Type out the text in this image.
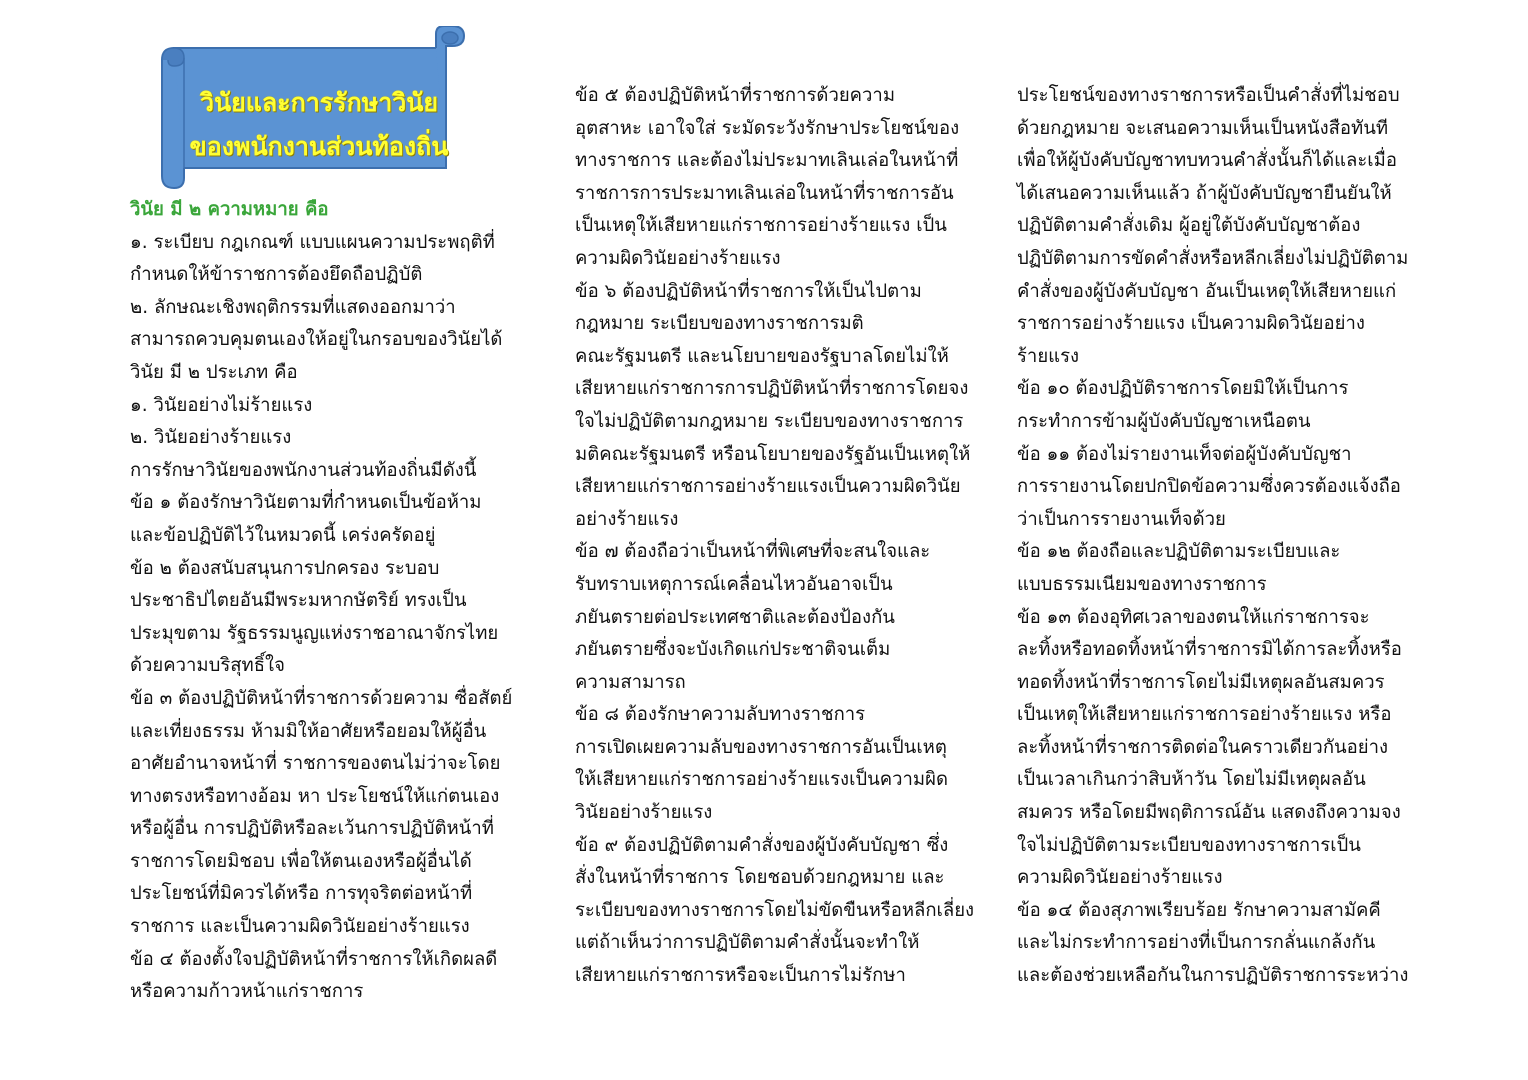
วินัยและการรักษาวินัย
ของพนักงานส่วนท้องถิ่น
วินัย มี ๒ ความหมาย คือ
๑. ระเบียบ กฎเกณฑ์ แบบแผนความประพฤติที่
กำหนดให้ข้าราชการต้องยึดถือปฏิบัติ
๒. ลักษณะเชิงพฤติกรรมที่แสดงออกมาว่า
สามารถควบคุมตนเองให้อยู่ในกรอบของวินัยได้
วินัย มี ๒ ประเภท คือ
๑. วินัยอย่างไม่ร้ายแรง
๒. วินัยอย่างร้ายแรง
การรักษาวินัยของพนักงานส่วนท้องถิ่นมีดังนี้
ข้อ ๑ ต้องรักษาวินัยตามที่กำหนดเป็นข้อห้าม
และข้อปฏิบัติไว้ในหมวดนี้ เคร่งครัดอยู่
ข้อ ๒ ต้องสนับสนุนการปกครอง ระบอบ
ประชาธิปไตยอันมีพระมหากษัตริย์ ทรงเป็น
ประมุขตาม รัฐธรรมนูญแห่งราชอาณาจักรไทย
ด้วยความบริสุทธิ์ใจ
ข้อ ๓ ต้องปฏิบัติหน้าที่ราชการด้วยความ ซื่อสัตย์
และเที่ยงธรรม ห้ามมิให้อาศัยหรือยอมให้ผู้อื่น
อาศัยอำนาจหน้าที่ ราชการของตนไม่ว่าจะโดย
ทางตรงหรือทางอ้อม หา ประโยชน์ให้แก่ตนเอง
หรือผู้อื่น การปฏิบัติหรือละเว้นการปฏิบัติหน้าที่
ราชการโดยมิชอบ เพื่อให้ตนเองหรือผู้อื่นได้
ประโยชน์ที่มิควรได้หรือ การทุจริตต่อหน้าที่
ราชการ และเป็นความผิดวินัยอย่างร้ายแรง
ข้อ ๔ ต้องตั้งใจปฏิบัติหน้าที่ราชการให้เกิดผลดี
หรือความก้าวหน้าแก่ราชการ
ข้อ ๕ ต้องปฏิบัติหน้าที่ราชการด้วยความ
อุตสาหะ เอาใจใส่ ระมัดระวังรักษาประโยชน์ของ
ทางราชการ และต้องไม่ประมาทเลินเล่อในหน้าที่
ราชการการประมาทเลินเล่อในหน้าที่ราชการอัน
เป็นเหตุให้เสียหายแก่ราชการอย่างร้ายแรง เป็น
ความผิดวินัยอย่างร้ายแรง
ข้อ ๖ ต้องปฏิบัติหน้าที่ราชการให้เป็นไปตาม
กฎหมาย ระเบียบของทางราชการมติ
คณะรัฐมนตรี และนโยบายของรัฐบาลโดยไม่ให้
เสียหายแก่ราชการการปฏิบัติหน้าที่ราชการโดยจง
ใจไม่ปฏิบัติตามกฎหมาย ระเบียบของทางราชการ
มติคณะรัฐมนตรี หรือนโยบายของรัฐอันเป็นเหตุให้
เสียหายแก่ราชการอย่างร้ายแรงเป็นความผิดวินัย
อย่างร้ายแรง
ข้อ ๗ ต้องถือว่าเป็นหน้าที่พิเศษที่จะสนใจและ
รับทราบเหตุการณ์เคลื่อนไหวอันอาจเป็น
ภยันตรายต่อประเทศชาติและต้องป้องกัน
ภยันตรายซึ่งจะบังเกิดแก่ประชาติจนเต็ม
ความสามารถ
ข้อ ๘ ต้องรักษาความลับทางราชการ
การเปิดเผยความลับของทางราชการอันเป็นเหตุ
ให้เสียหายแก่ราชการอย่างร้ายแรงเป็นความผิด
วินัยอย่างร้ายแรง
ข้อ ๙ ต้องปฏิบัติตามคำสั่งของผู้บังคับบัญชา ซึ่ง
สั่งในหน้าที่ราชการ โดยชอบด้วยกฎหมาย และ
ระเบียบของทางราชการโดยไม่ขัดขืนหรือหลีกเลี่ยง
แต่ถ้าเห็นว่าการปฏิบัติตามคำสั่งนั้นจะทำให้
เสียหายแก่ราชการหรือจะเป็นการไม่รักษา
ประโยชน์ของทางราชการหรือเป็นคำสั่งที่ไม่ชอบ
ด้วยกฎหมาย จะเสนอความเห็นเป็นหนังสือทันที
เพื่อให้ผู้บังคับบัญชาทบทวนคำสั่งนั้นก็ได้และเมื่อ
ได้เสนอความเห็นแล้ว ถ้าผู้บังคับบัญชายืนยันให้
ปฏิบัติตามคำสั่งเดิม ผู้อยู่ใต้บังคับบัญชาต้อง
ปฏิบัติตามการขัดคำสั่งหรือหลีกเลี่ยงไม่ปฏิบัติตาม
คำสั่งของผู้บังคับบัญชา อันเป็นเหตุให้เสียหายแก่
ราชการอย่างร้ายแรง เป็นความผิดวินัยอย่าง
ร้ายแรง
ข้อ ๑๐ ต้องปฏิบัติราชการโดยมิให้เป็นการ
กระทำการข้ามผู้บังคับบัญชาเหนือตน
ข้อ ๑๑ ต้องไม่รายงานเท็จต่อผู้บังคับบัญชา
การรายงานโดยปกปิดข้อความซึ่งควรต้องแจ้งถือ
ว่าเป็นการรายงานเท็จด้วย
ข้อ ๑๒ ต้องถือและปฏิบัติตามระเบียบและ
แบบธรรมเนียมของทางราชการ
ข้อ ๑๓ ต้องอุทิศเวลาของตนให้แก่ราชการจะ
ละทิ้งหรือทอดทิ้งหน้าที่ราชการมิได้การละทิ้งหรือ
ทอดทิ้งหน้าที่ราชการโดยไม่มีเหตุผลอันสมควร
เป็นเหตุให้เสียหายแก่ราชการอย่างร้ายแรง หรือ
ละทิ้งหน้าที่ราชการติดต่อในคราวเดียวกันอย่าง
เป็นเวลาเกินกว่าสิบห้าวัน โดยไม่มีเหตุผลอัน
สมควร หรือโดยมีพฤติการณ์อัน แสดงถึงความจง
ใจไม่ปฏิบัติตามระเบียบของทางราชการเป็น
ความผิดวินัยอย่างร้ายแรง
ข้อ ๑๔ ต้องสุภาพเรียบร้อย รักษาความสามัคคี
และไม่กระทำการอย่างที่เป็นการกลั่นแกล้งกัน
และต้องช่วยเหลือกันในการปฏิบัติราชการระหว่าง
